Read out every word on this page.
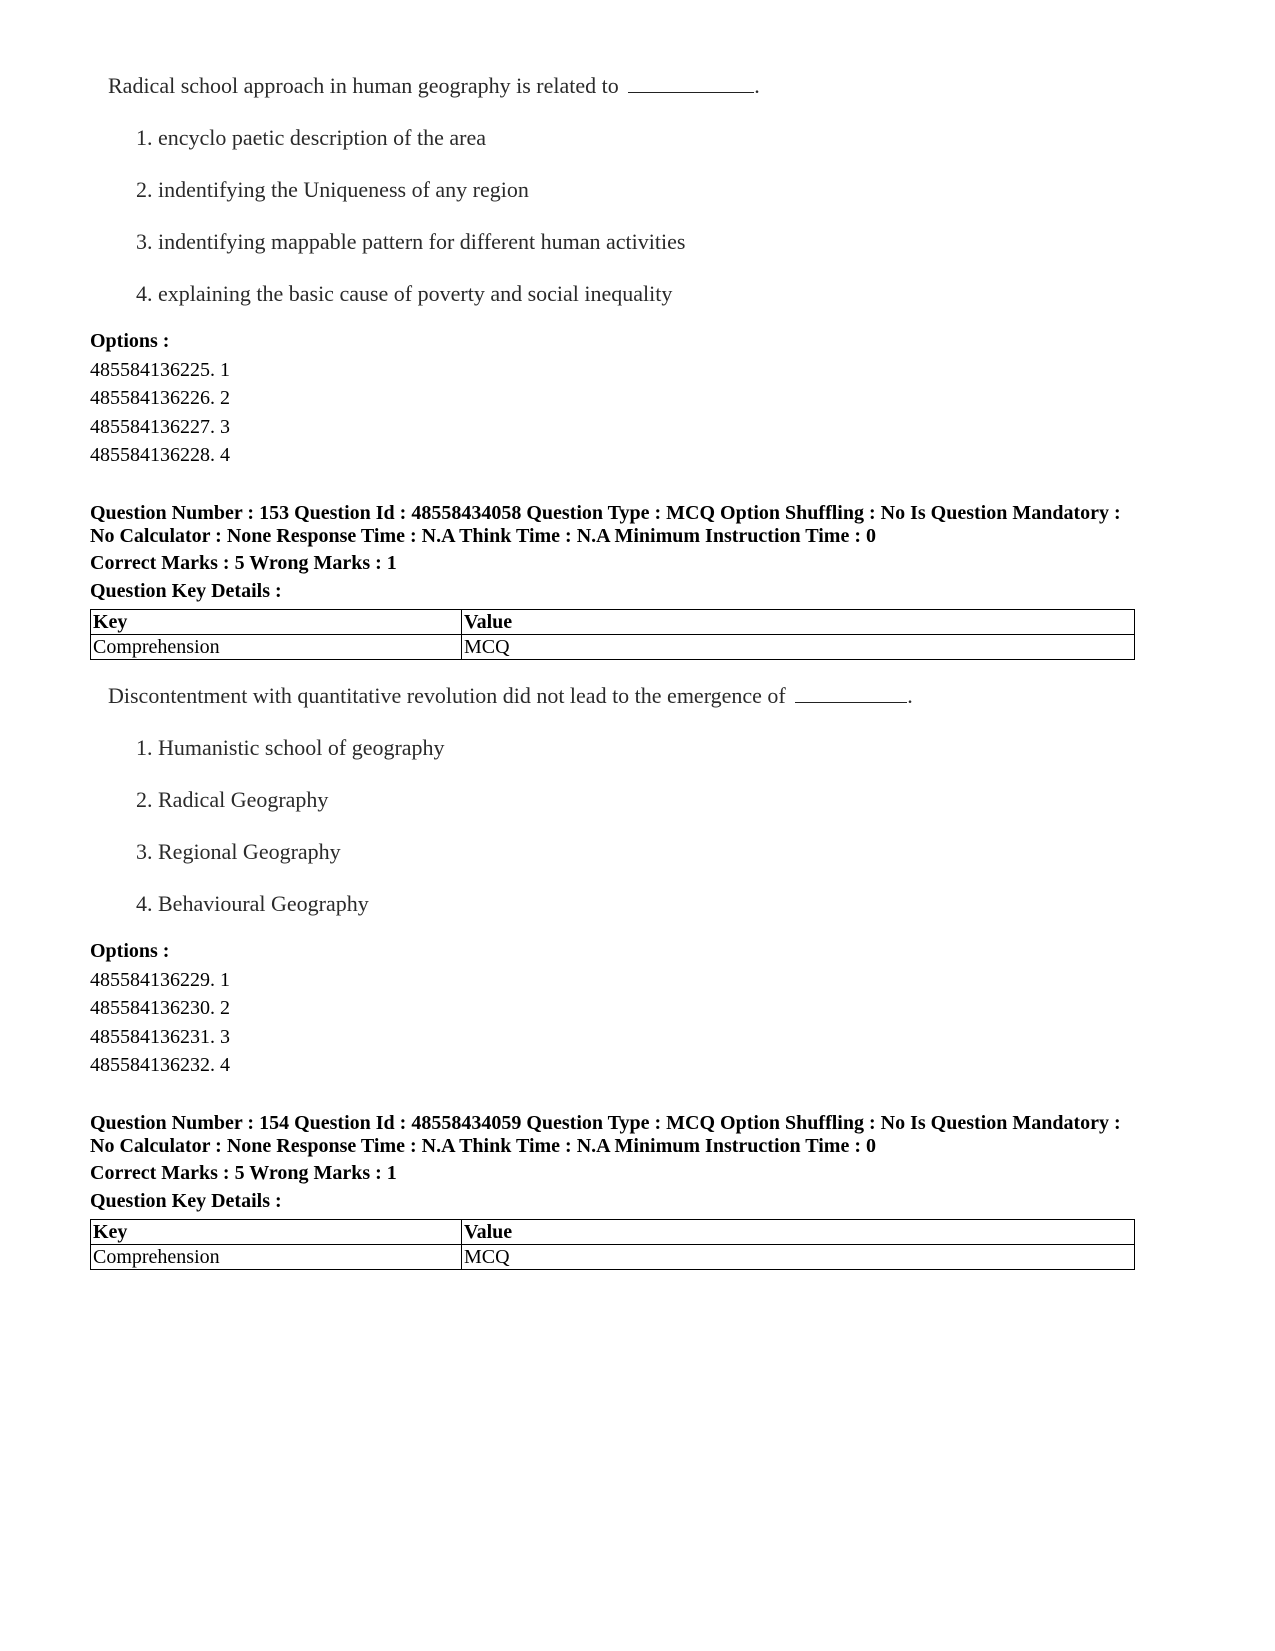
Radical school approach in human geography is related to	.
1. encyclo paetic description of the area
2. indentifying the Uniqueness of any region
3. indentifying mappable pattern for different human activities
4. explaining the basic cause of poverty and social inequality
Options :
485584136225. 1
485584136226. 2
485584136227. 3
485584136228. 4
Question Number : 153 Question Id : 48558434058 Question Type : MCQ Option Shuffling : No Is Question Mandatory :
No Calculator : None Response Time : N.A Think Time : N.A Minimum Instruction Time : 0
Correct Marks : 5 Wrong Marks : 1
Question Key Details :
Key	Value
Comprehension	MCQ
Discontentment with quantitative revolution did not lead to the emergence of	.
1. Humanistic school of geography
2. Radical Geography
3. Regional Geography
4. Behavioural Geography
Options :
485584136229. 1
485584136230. 2
485584136231. 3
485584136232. 4
Question Number : 154 Question Id : 48558434059 Question Type : MCQ Option Shuffling : No Is Question Mandatory :
No Calculator : None Response Time : N.A Think Time : N.A Minimum Instruction Time : 0
Correct Marks : 5 Wrong Marks : 1
Question Key Details :
Key	Value
Comprehension	MCQ
